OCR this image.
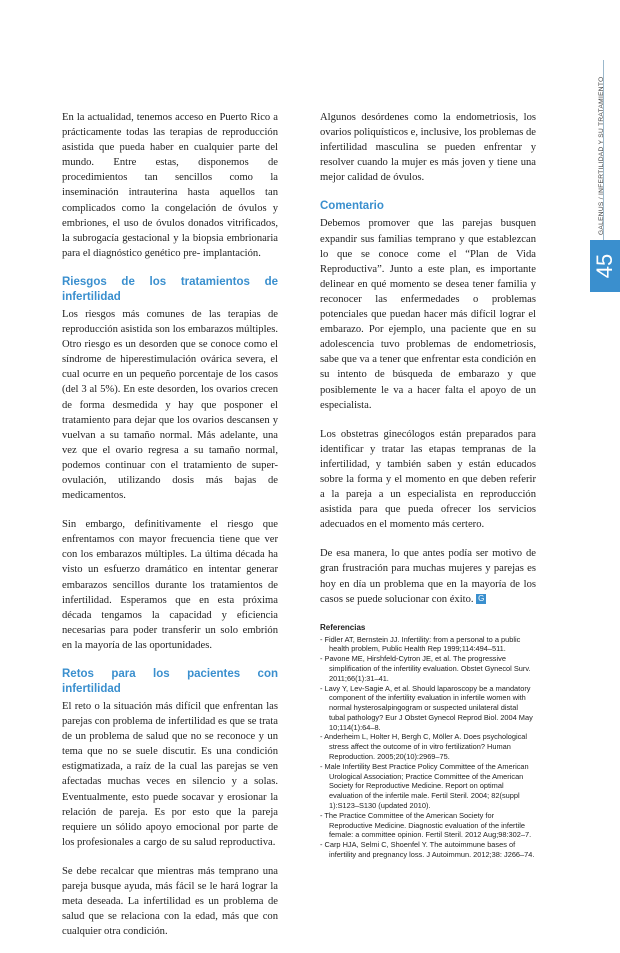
GALENUS / INFERTILIDAD Y SU TRATAMIENTO
45

En la actualidad, tenemos acceso en Puerto Rico a prácticamente todas las terapias de reproducción asistida que pueda haber en cualquier parte del mundo. Entre estas, disponemos de procedimientos tan sencillos como la inseminación intrauterina hasta aquellos tan complicados como la congelación de óvulos y embriones, el uso de óvulos donados vitrificados, la subrogacía gestacional y la biopsia embrionaria para el diagnóstico genético pre- implantación.

Riesgos de los tratamientos de infertilidad

Los riesgos más comunes de las terapias de reproducción asistida son los embarazos múltiples. Otro riesgo es un desorden que se conoce como el síndrome de hiperestimulación ovárica severa, el cual ocurre en un pequeño porcentaje de los casos (del 3 al 5%). En este desorden, los ovarios crecen de forma desmedida y hay que posponer el tratamiento para dejar que los ovarios descansen y vuelvan a su tamaño normal. Más adelante, una vez que el ovario regresa a su tamaño normal, podemos continuar con el tratamiento de super-ovulación, utilizando dosis más bajas de medicamentos.

Sin embargo, definitivamente el riesgo que enfrentamos con mayor frecuencia tiene que ver con los embarazos múltiples. La última década ha visto un esfuerzo dramático en intentar generar embarazos sencillos durante los tratamientos de infertilidad. Esperamos que en esta próxima década tengamos la capacidad y eficiencia necesarias para poder transferir un solo embrión en la mayoría de las oportunidades.

Retos para los pacientes con infertilidad

El reto o la situación más difícil que enfrentan las parejas con problema de infertilidad es que se trata de un problema de salud que no se reconoce y un tema que no se suele discutir. Es una condición estigmatizada, a raíz de la cual las parejas se ven afectadas muchas veces en silencio y a solas. Eventualmente, esto puede socavar y erosionar la relación de pareja. Es por esto que la pareja requiere un sólido apoyo emocional por parte de los profesionales a cargo de su salud reproductiva.

Se debe recalcar que mientras más temprano una pareja busque ayuda, más fácil se le hará lograr la meta deseada. La infertilidad es un problema de salud que se relaciona con la edad, más que con cualquier otra condición.

Algunos desórdenes como la endometriosis, los ovarios poliquísticos e, inclusive, los problemas de infertilidad masculina se pueden enfrentar y resolver cuando la mujer es más joven y tiene una mejor calidad de óvulos.

Comentario

Debemos promover que las parejas busquen expandir sus familias temprano y que establezcan lo que se conoce come el “Plan de Vida Reproductiva”. Junto a este plan, es importante delinear en qué momento se desea tener familia y reconocer las enfermedades o problemas potenciales que puedan hacer más difícil lograr el embarazo. Por ejemplo, una paciente que en su adolescencia tuvo problemas de endometriosis, sabe que va a tener que enfrentar esta condición en su intento de búsqueda de embarazo y que posiblemente le va a hacer falta el apoyo de un especialista.

Los obstetras ginecólogos están preparados para identificar y tratar las etapas tempranas de la infertilidad, y también saben y están educados sobre la forma y el momento en que deben referir a la pareja a un especialista en reproducción asistida para que pueda ofrecer los servicios adecuados en el momento más certero.

De esa manera, lo que antes podía ser motivo de gran frustración para muchas mujeres y parejas es hoy en día un problema que en la mayoría de los casos se puede solucionar con éxito. G

Referencias
- Fidler AT, Bernstein JJ. Infertility: from a personal to a public health problem, Public Health Rep 1999;114:494–511.
- Pavone ME, Hirshfeld-Cytron JE, et al. The progressive simplification of the infertility evaluation. Obstet Gynecol Surv. 2011;66(1):31–41.
- Lavy Y, Lev-Sagie A, et al. Should laparoscopy be a mandatory component of the infertility evaluation in infertile women with normal hysterosalpingogram or suspected unilateral distal tubal pathology? Eur J Obstet Gynecol Reprod Biol. 2004 May 10;114(1):64–8.
- Anderheim L, Holter H, Bergh C, Möller A. Does psychological stress affect the outcome of in vitro fertilization? Human Reproduction. 2005;20(10):2969–75.
- Male Infertility Best Practice Policy Committee of the American Urological Association; Practice Committee of the American Society for Reproductive Medicine. Report on optimal evaluation of the infertile male. Fertil Steril. 2004; 82(suppl 1):S123–S130 (updated 2010).
- The Practice Committee of the American Society for Reproductive Medicine. Diagnostic evaluation of the infertile female: a committee opinion. Fertil Steril. 2012 Aug;98:302–7.
- Carp HJA, Selmi C, Shoenfel Y. The autoimmune bases of infertility and pregnancy loss. J Autoimmun. 2012;38: J266–74.
